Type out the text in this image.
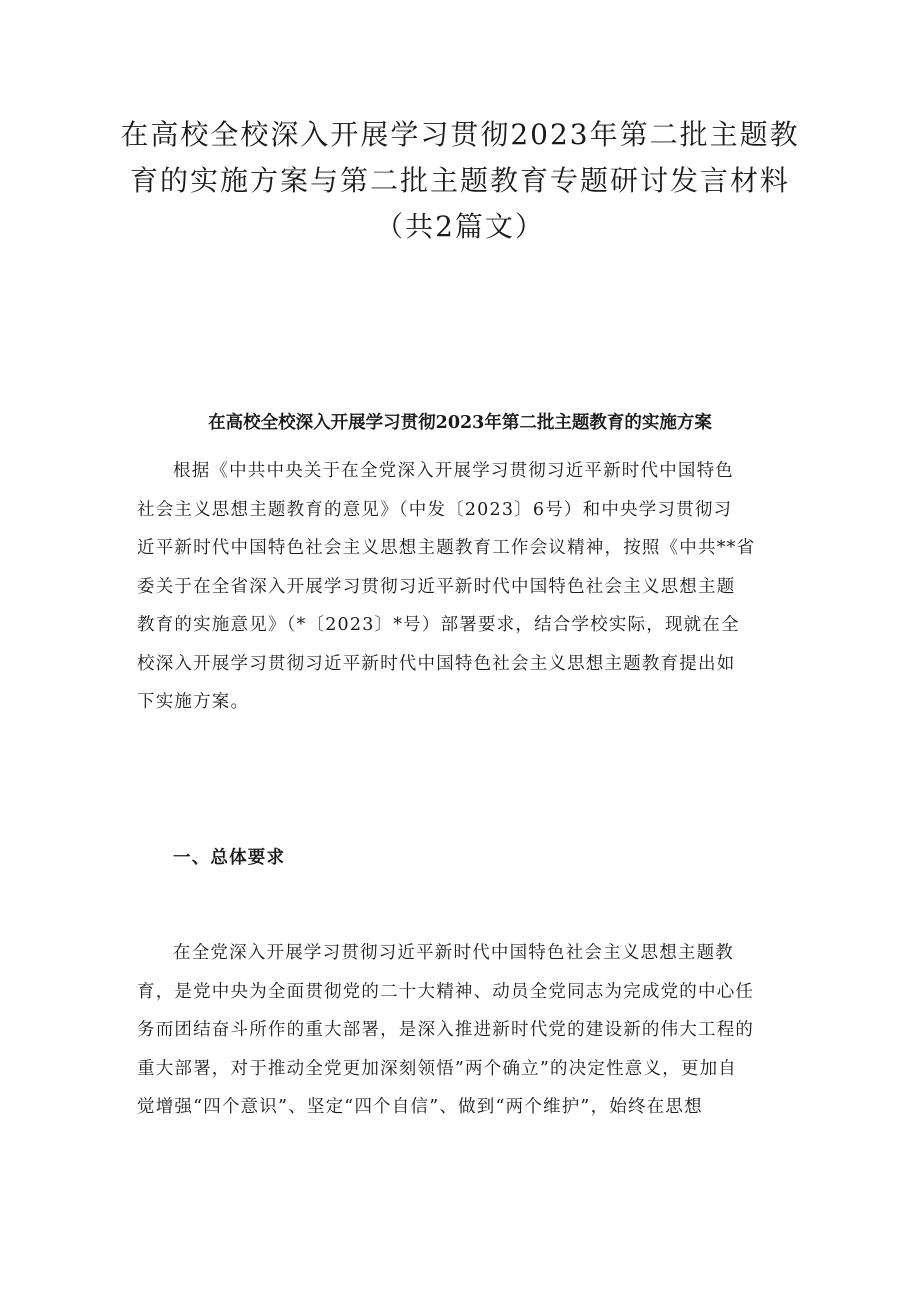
在高校全校深入开展学习贯彻2023年第二批主题教
育的实施方案与第二批主题教育专题研讨发言材料
（共2篇文）
在高校全校深入开展学习贯彻2023年第二批主题教育的实施方案
根据《中共中央关于在全党深入开展学习贯彻习近平新时代中国特色
社会主义思想主题教育的意见》（中发〔2023〕6号）和中央学习贯彻习
近平新时代中国特色社会主义思想主题教育工作会议精神，按照《中共**省
委关于在全省深入开展学习贯彻习近平新时代中国特色社会主义思想主题
教育的实施意见》（*〔2023〕*号）部署要求，结合学校实际，现就在全
校深入开展学习贯彻习近平新时代中国特色社会主义思想主题教育提出如
下实施方案。
一、总体要求
在全党深入开展学习贯彻习近平新时代中国特色社会主义思想主题教
育，是党中央为全面贯彻党的二十大精神、动员全党同志为完成党的中心任
务而团结奋斗所作的重大部署，是深入推进新时代党的建设新的伟大工程的
重大部署，对于推动全党更加深刻领悟”两个确立”的决定性意义，更加自
觉增强“四个意识”、坚定“四个自信”、做到“两个维护”，始终在思想
